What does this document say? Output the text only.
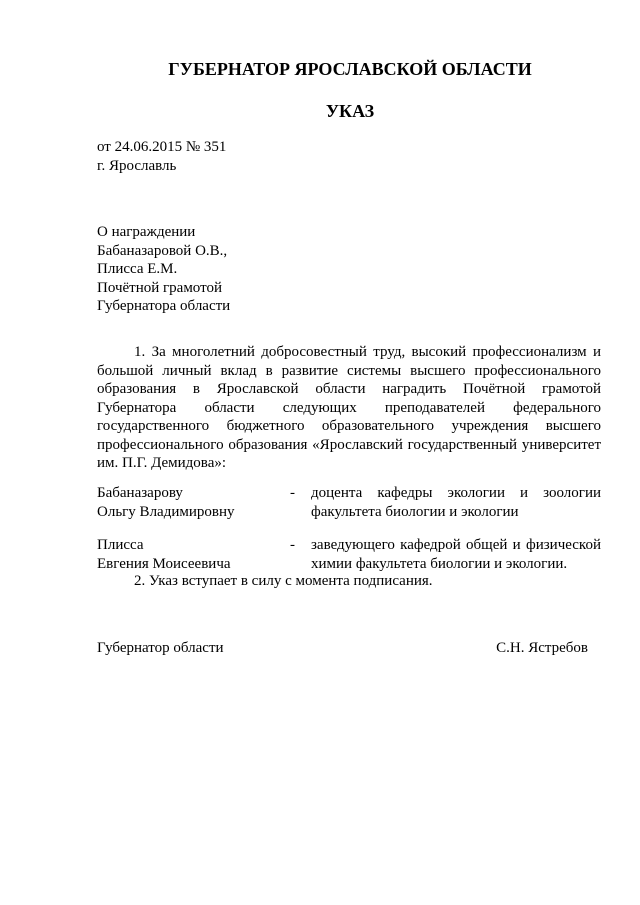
ГУБЕРНАТОР ЯРОСЛАВСКОЙ ОБЛАСТИ
УКАЗ
от 24.06.2015 № 351
г. Ярославль
О награждении
Бабаназаровой О.В.,
Плисса Е.М.
Почётной грамотой
Губернатора области
1. За многолетний добросовестный труд, высокий профессионализм и большой личный вклад в развитие системы высшего профессионального образования в Ярославской области наградить Почётной грамотой Губернатора области следующих преподавателей федерального государственного бюджетного образовательного учреждения высшего профессионального образования «Ярославский государственный университет им. П.Г. Демидова»:
Бабаназарову
Ольгу Владимировну
- доцента кафедры экологии и зоологии факультета биологии и экологии
Плисса
Евгения Моисеевича
- заведующего кафедрой общей и физической химии факультета биологии и экологии.
2. Указ вступает в силу с момента подписания.
Губернатор области	С.Н. Ястребов
